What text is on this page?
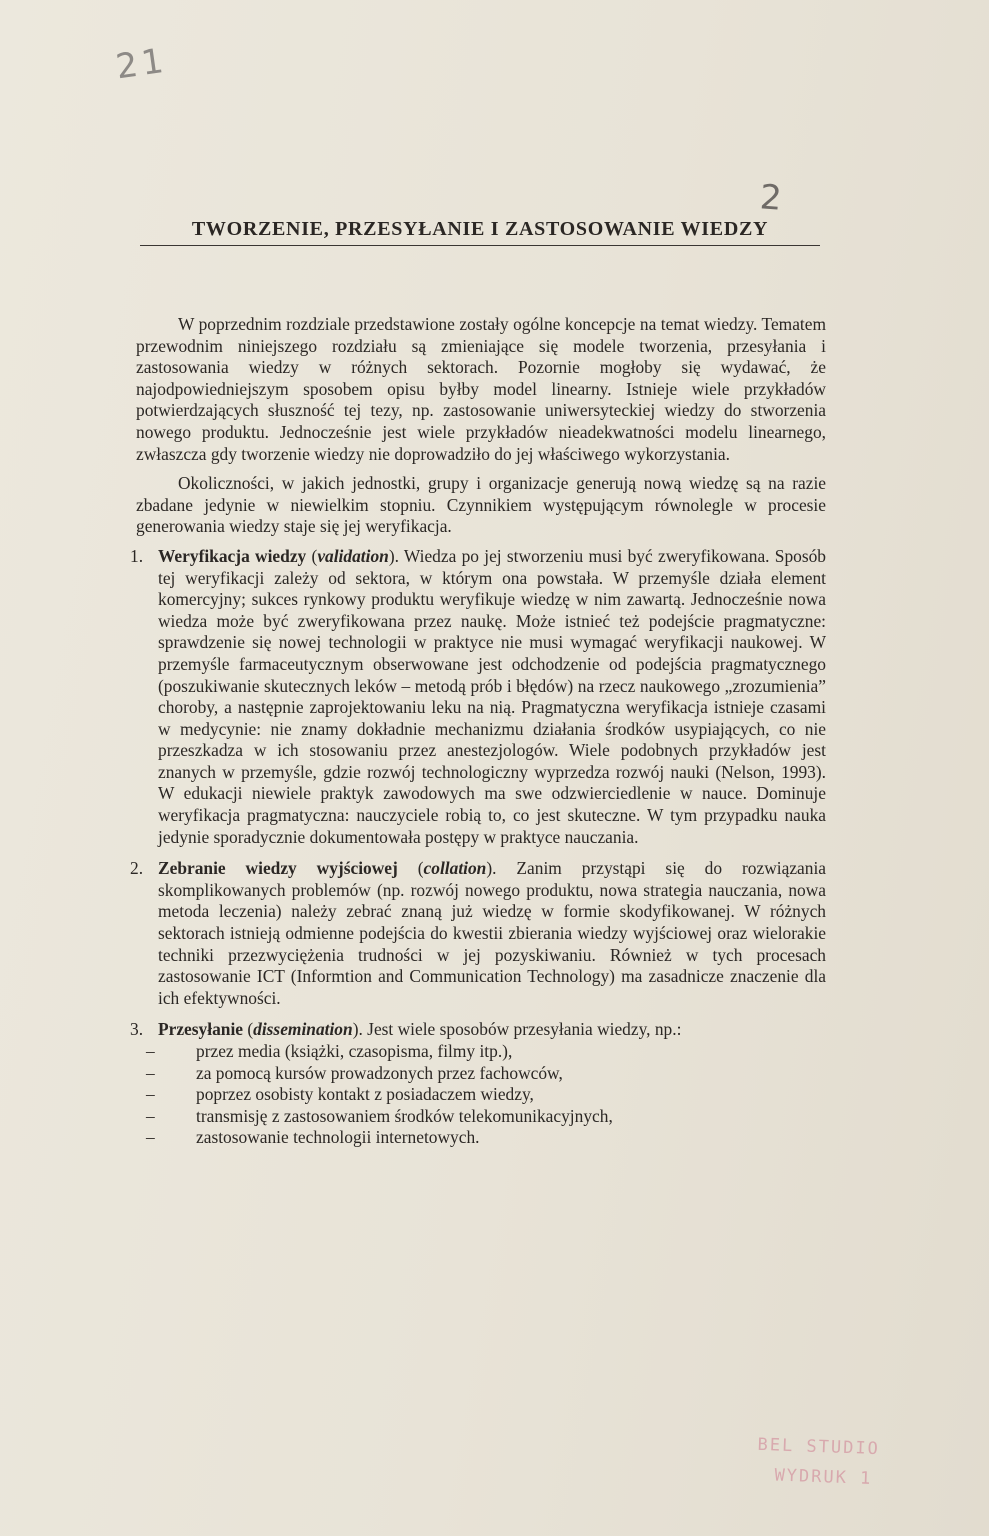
21
2
TWORZENIE, PRZESYŁANIE I ZASTOSOWANIE WIEDZY

W poprzednim rozdziale przedstawione zostały ogólne koncepcje na temat wiedzy. Tematem przewodnim niniejszego rozdziału są zmieniające się modele tworzenia, przesyłania i zastosowania wiedzy w różnych sektorach. Pozornie mogłoby się wydawać, że najodpowiedniejszym sposobem opisu byłby model linearny. Istnieje wiele przykładów potwierdzających słuszność tej tezy, np. zastosowanie uniwersyteckiej wiedzy do stworzenia nowego produktu. Jednocześnie jest wiele przykładów nieadekwatności modelu linearnego, zwłaszcza gdy tworzenie wiedzy nie doprowadziło do jej właściwego wykorzystania.

Okoliczności, w jakich jednostki, grupy i organizacje generują nową wiedzę są na razie zbadane jedynie w niewielkim stopniu. Czynnikiem występującym równolegle w procesie generowania wiedzy staje się jej weryfikacja.

1. Weryfikacja wiedzy (validation). Wiedza po jej stworzeniu musi być zweryfikowana. Sposób tej weryfikacji zależy od sektora, w którym ona powstała. W przemyśle działa element komercyjny; sukces rynkowy produktu weryfikuje wiedzę w nim zawartą. Jednocześnie nowa wiedza może być zweryfikowana przez naukę. Może istnieć też podejście pragmatyczne: sprawdzenie się nowej technologii w praktyce nie musi wymagać weryfikacji naukowej. W przemyśle farmaceutycznym obserwowane jest odchodzenie od podejścia pragmatycznego (poszukiwanie skutecznych leków – metodą prób i błędów) na rzecz naukowego „zrozumienia” choroby, a następnie zaprojektowaniu leku na nią. Pragmatyczna weryfikacja istnieje czasami w medycynie: nie znamy dokładnie mechanizmu działania środków usypiających, co nie przeszkadza w ich stosowaniu przez anestezjologów. Wiele podobnych przykładów jest znanych w przemyśle, gdzie rozwój technologiczny wyprzedza rozwój nauki (Nelson, 1993). W edukacji niewiele praktyk zawodowych ma swe odzwierciedlenie w nauce. Dominuje weryfikacja pragmatyczna: nauczyciele robią to, co jest skuteczne. W tym przypadku nauka jedynie sporadycznie dokumentowała postępy w praktyce nauczania.
2. Zebranie wiedzy wyjściowej (collation). Zanim przystąpi się do rozwiązania skomplikowanych problemów (np. rozwój nowego produktu, nowa strategia nauczania, nowa metoda leczenia) należy zebrać znaną już wiedzę w formie skodyfikowanej. W różnych sektorach istnieją odmienne podejścia do kwestii zbierania wiedzy wyjściowej oraz wielorakie techniki przezwyciężenia trudności w jej pozyskiwaniu. Również w tych procesach zastosowanie ICT (Informtion and Communication Technology) ma zasadnicze znaczenie dla ich efektywności.
3. Przesyłanie (dissemination). Jest wiele sposobów przesyłania wiedzy, np.:
– przez media (książki, czasopisma, filmy itp.),
– za pomocą kursów prowadzonych przez fachowców,
– poprzez osobisty kontakt z posiadaczem wiedzy,
– transmisję z zastosowaniem środków telekomunikacyjnych,
– zastosowanie technologii internetowych.
BEL STUDIO
WYDRUK 1
